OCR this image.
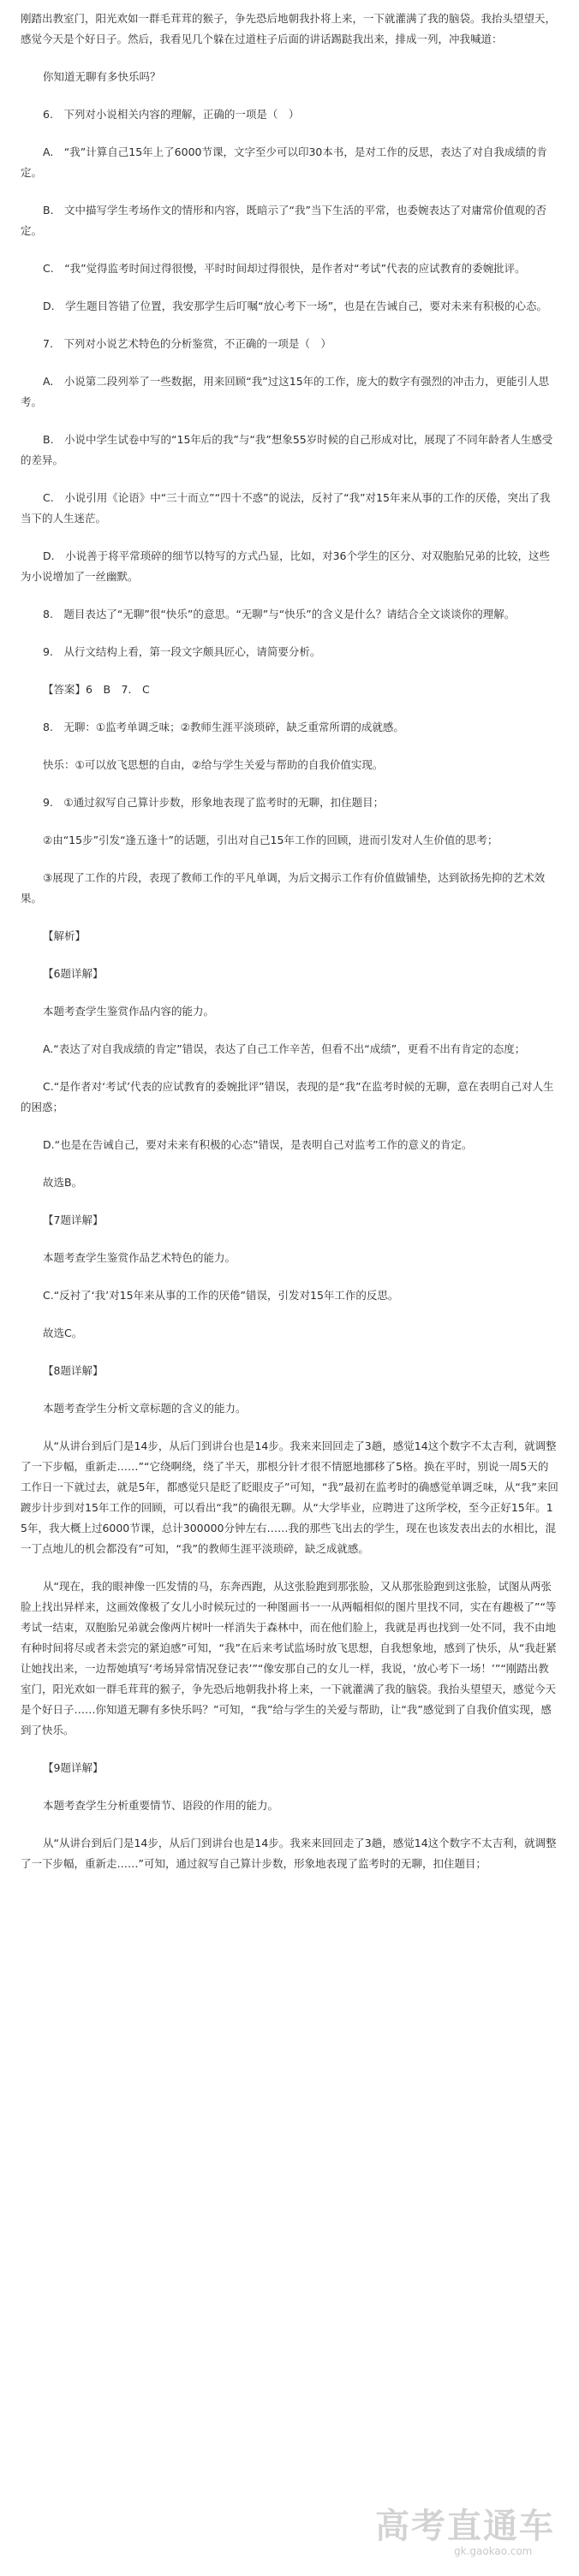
刚踏出教室门，阳光欢如一群毛茸茸的猴子，争先恐后地朝我扑将上来，一下就灌满了我的脑袋。我抬头望望天，感觉今天是个好日子。然后，我看见几个躲在过道柱子后面的讲话踢跶我出来，排成一列，冲我喊道：

你知道无聊有多快乐吗？

6.　下列对小说相关内容的理解，正确的一项是（　）

A.　“我”计算自己15年上了6000节课，文字至少可以印30本书，是对工作的反思，表达了对自我成绩的肯定。

B.　文中描写学生考场作文的情形和内容，既暗示了“我”当下生活的平常，也委婉表达了对庸常价值观的否定。

C.　“我”觉得监考时间过得很慢，平时时间却过得很快，是作者对“考试”代表的应试教育的委婉批评。

D.　学生题目答错了位置，我安那学生后叮嘱“放心考下一场”，也是在告诫自己，要对未来有积极的心态。

7.　下列对小说艺术特色的分析鉴赏，不正确的一项是（　）

A.　小说第二段列举了一些数据，用来回顾“我”过这15年的工作，庞大的数字有强烈的冲击力，更能引人思考。

B.　小说中学生试卷中写的“15年后的我”与“我”想象55岁时候的自己形成对比，展现了不同年龄者人生感受的差异。

C.　小说引用《论语》中“三十而立”“四十不惑”的说法，反衬了“我”对15年来从事的工作的厌倦，突出了我当下的人生迷茫。

D.　小说善于将平常琐碎的细节以特写的方式凸显，比如，对36个学生的区分、对双胞胎兄弟的比较，这些为小说增加了一丝幽默。

8.　题目表达了“无聊”很“快乐”的意思。“无聊”与“快乐”的含义是什么？请结合全文谈谈你的理解。

9.　从行文结构上看，第一段文字颇具匠心，请简要分析。

【答案】6　B　7.　C

8.　无聊：①监考单调乏味；②教师生涯平淡琐碎，缺乏重常所谓的成就感。

快乐：①可以放飞思想的自由，②给与学生关爱与帮助的自我价值实现。

9.　①通过叙写自己算计步数，形象地表现了监考时的无聊，扣住题目；

②由“15步”引发“逢五逢十”的话题，引出对自己15年工作的回顾，进而引发对人生价值的思考；

③展现了工作的片段，表现了教师工作的平凡单调，为后文揭示工作有价值做铺垫，达到欲扬先抑的艺术效果。

【解析】

【6题详解】

本题考查学生鉴赏作品内容的能力。

A.“表达了对自我成绩的肯定”错误，表达了自己工作辛苦，但看不出“成绩”，更看不出有肯定的态度；

C.“是作者对‘考试’代表的应试教育的委婉批评”错误，表现的是“我”在监考时候的无聊，意在表明自己对人生的困惑；

D.“也是在告诫自己，要对未来有积极的心态”错误，是表明自己对监考工作的意义的肯定。

故选B。

【7题详解】

本题考查学生鉴赏作品艺术特色的能力。

C.“反衬了‘我’对15年来从事的工作的厌倦”错误，引发对15年工作的反思。

故选C。

【8题详解】

本题考查学生分析文章标题的含义的能力。

从“从讲台到后门是14步，从后门到讲台也是14步。我来来回回走了3趟，感觉14这个数字不太吉利，就调整了一下步幅，重新走……”“它绕啊绕，绕了半天，那根分针才很不情愿地挪移了5格。换在平时，别说一周5天的工作日一下就过去，就是5年，都感觉只是眨了眨眼皮子”可知，“我”最初在监考时的确感觉单调乏味，从“我”来回踱步计步到对15年工作的回顾，可以看出“我”的确很无聊。从“大学毕业，应聘进了这所学校，至今正好15年。15年，我大概上过6000节课，总计300000分钟左右……我的那些飞出去的学生，现在也该发表出去的水相比，混一丁点地儿的机会都没有”可知，“我”的教师生涯平淡琐碎，缺乏成就感。

从“现在，我的眼神像一匹发情的马，东奔西跑，从这张脸跑到那张脸，又从那张脸跑到这张脸，试图从两张脸上找出异样来，这画效像极了女儿小时候玩过的一种图画书一一从两幅相似的图片里找不同，实在有趣极了”“等考试一结束，双胞胎兄弟就会像两片树叶一样消失于森林中，而在他们脸上，我就是再也找到一处不同，我不由地有种时间将尽或者未尝完的紧迫感”可知，“我”在后来考试监场时放飞思想，自我想象地，感到了快乐，从“我赶紧让她找出来，一边帮她填写‘考场异常情况登记表’”“像安那自己的女儿一样，我说，‘放心考下一场！’”“刚踏出教室门，阳光欢如一群毛茸茸的猴子，争先恐后地朝我扑将上来，一下就灌满了我的脑袋。我抬头望望天，感觉今天是个好日子……你知道无聊有多快乐吗？”可知，“我”给与学生的关爱与帮助，让“我”感觉到了自我价值实现，感到了快乐。

【9题详解】

本题考查学生分析重要情节、语段的作用的能力。

从“从讲台到后门是14步，从后门到讲台也是14步。我来来回回走了3趟，感觉14这个数字不太吉利，就调整了一下步幅，重新走……”可知，通过叙写自己算计步数，形象地表现了监考时的无聊，扣住题目；

高考直通车
gk.gaokao.com
